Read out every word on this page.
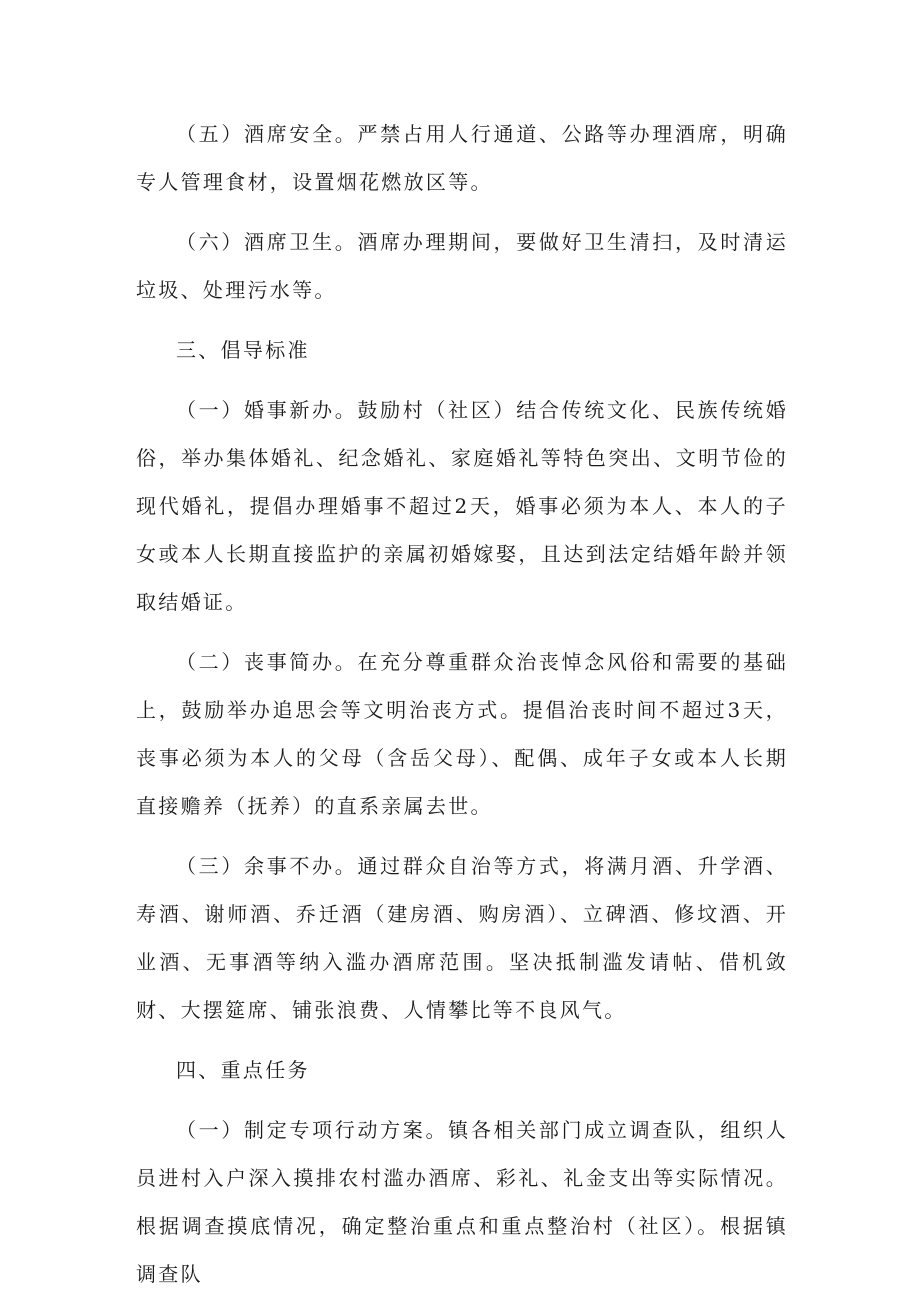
（五）酒席安全。严禁占用人行通道、公路等办理酒席，明确专人管理食材，设置烟花燃放区等。

（六）酒席卫生。酒席办理期间，要做好卫生清扫，及时清运垃圾、处理污水等。

三、倡导标准

（一）婚事新办。鼓励村（社区）结合传统文化、民族传统婚俗，举办集体婚礼、纪念婚礼、家庭婚礼等特色突出、文明节俭的现代婚礼，提倡办理婚事不超过2天，婚事必须为本人、本人的子女或本人长期直接监护的亲属初婚嫁娶，且达到法定结婚年龄并领取结婚证。

（二）丧事简办。在充分尊重群众治丧悼念风俗和需要的基础上，鼓励举办追思会等文明治丧方式。提倡治丧时间不超过3天，丧事必须为本人的父母（含岳父母）、配偶、成年子女或本人长期直接赡养（抚养）的直系亲属去世。

（三）余事不办。通过群众自治等方式，将满月酒、升学酒、寿酒、谢师酒、乔迁酒（建房酒、购房酒）、立碑酒、修坟酒、开业酒、无事酒等纳入滥办酒席范围。坚决抵制滥发请帖、借机敛财、大摆筵席、铺张浪费、人情攀比等不良风气。

四、重点任务

（一）制定专项行动方案。镇各相关部门成立调查队，组织人员进村入户深入摸排农村滥办酒席、彩礼、礼金支出等实际情况。根据调查摸底情况，确定整治重点和重点整治村（社区）。根据镇调查队
